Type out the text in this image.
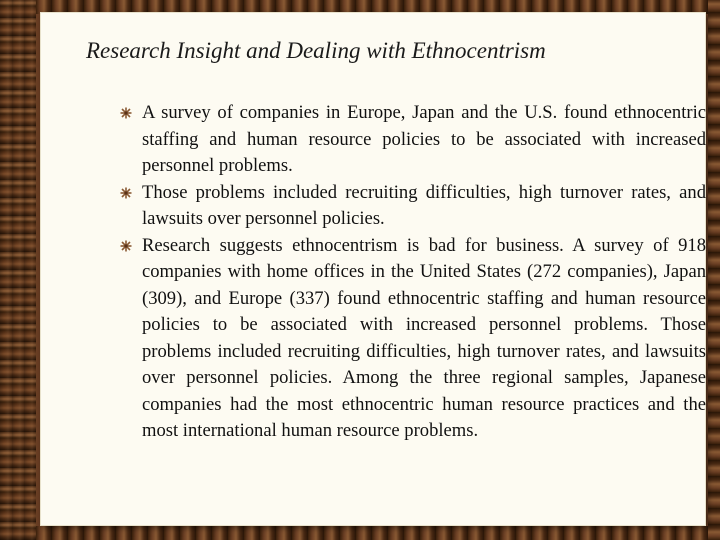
Research Insight and Dealing with Ethnocentrism
A survey of companies in Europe, Japan and the U.S. found ethnocentric staffing and human resource policies to be associated with increased personnel problems.
Those problems included recruiting difficulties, high turnover rates, and lawsuits over personnel policies.
Research suggests ethnocentrism is bad for business. A survey of 918 companies with home offices in the United States (272 companies), Japan (309), and Europe (337) found ethnocentric staffing and human resource policies to be associated with increased personnel problems. Those problems included recruiting difficulties, high turnover rates, and lawsuits over personnel policies. Among the three regional samples, Japanese companies had the most ethnocentric human resource practices and the most international human resource problems.
